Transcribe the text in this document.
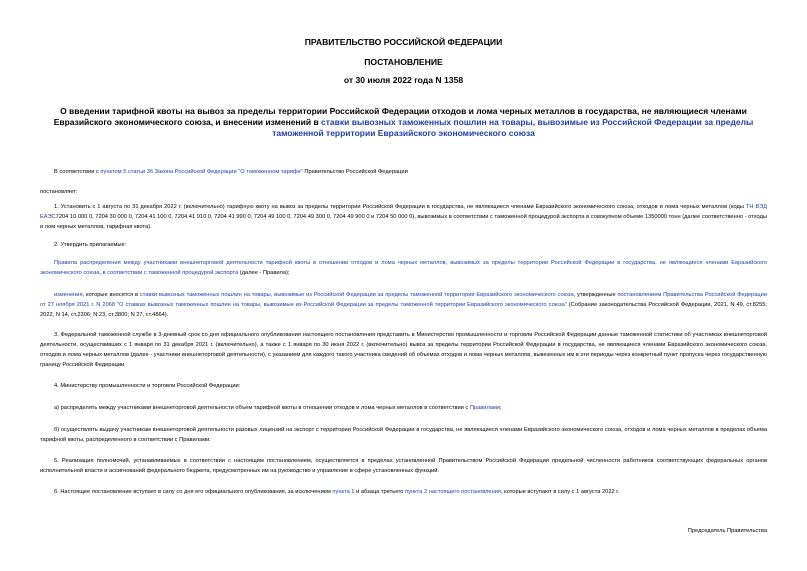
ПРАВИТЕЛЬСТВО РОССИЙСКОЙ ФЕДЕРАЦИИ
ПОСТАНОВЛЕНИЕ
от 30 июля 2022 года N 1358
О введении тарифной квоты на вывоз за пределы территории Российской Федерации отходов и лома черных металлов в государства, не являющиеся членами Евразийского экономического союза, и внесении изменений в ставки вывозных таможенных пошлин на товары, вывозимые из Российской Федерации за пределы таможенной территории Евразийского экономического союза
В соответствии с пунктом 5 статьи 36 Закона Российской Федерации "О таможенном тарифе" Правительство Российской Федерации
постановляет:
1. Установить с 1 августа по 31 декабря 2022 г. (включительно) тарифную квоту на вывоз за пределы территории Российской Федерации в государства, не являющиеся членами Евразийского экономического союза, отходов и лома черных металлов (коды ТН ВЭД ЕАЭС7204 10 000 0, 7204 30 000 0, 7204 41 100 0, 7204 41 910 0, 7204 41 990 0, 7204 49 100 0, 7204 49 300 0, 7204 49 900 0 и 7204 50 000 0), вывозимых в соответствии с таможенной процедурой экспорта в совокупном объеме 1350000 тонн (далее соответственно - отходы и лом черных металлов, тарифная квота).
2. Утвердить прилагаемые:
Правила распределения между участниками внешнеторговой деятельности тарифной квоты в отношении отходов и лома черных металлов, вывозимых за пределы территории Российской Федерации в государства, не являющиеся членами Евразийского экономического союза, в соответствии с таможенной процедурой экспорта (далее - Правила);
изменения, которые вносятся в ставки вывозных таможенных пошлин на товары, вывозимые из Российской Федерации за пределы таможенной территории Евразийского экономического союза, утвержденные постановлением Правительства Российской Федерации от 27 ноября 2021 г. N 2068 "О ставках вывозных таможенных пошлин на товары, вывозимые из Российской Федерации за пределы таможенной территории Евразийского экономического союза" (Собрание законодательства Российской Федерации, 2021, N 49, ст.8255; 2022, N 14, ст.2306; N 23, ст.3800; N 27, ст.4864).
3. Федеральной таможенной службе в 3-дневный срок со дня официального опубликования настоящего постановления представить в Министерство промышленности и торговли Российской Федерации данные таможенной статистики об участниках внешнеторговой деятельности, осуществивших с 1 января по 31 декабря 2021 г. (включительно), а также с 1 января по 30 июня 2022 г. (включительно) вывоз за пределы территории Российской Федерации в государства, не являющиеся членами Евразийского экономического союза, отходов и лома черных металлов (далее - участники внешнеторговой деятельности), с указанием для каждого такого участника сведений об объемах отходов и лома черных металлов, вывезенных им в эти периоды через конкретный пункт пропуска через государственную границу Российской Федерации.
4. Министерству промышленности и торговли Российской Федерации:
а) распределять между участниками внешнеторговой деятельности объем тарифной квоты в отношении отходов и лома черных металлов в соответствии с Правилами;
б) осуществлять выдачу участникам внешнеторговой деятельности разовых лицензий на экспорт с территории Российской Федерации в государства, не являющиеся членами Евразийского экономического союза, отходов и лома черных металлов в пределах объема тарифной квоты, распределенного в соответствии с Правилами.
5. Реализация полномочий, устанавливаемых в соответствии с настоящим постановлением, осуществляется в пределах установленной Правительством Российской Федерации предельной численности работников соответствующих федеральных органов исполнительной власти и ассигнований федерального бюджета, предусмотренных им на руководство и управление в сфере установленных функций.
6. Настоящее постановление вступает в силу со дня его официального опубликования, за исключением пункта 1 и абзаца третьего пункта 2 настоящего постановления, которые вступают в силу с 1 августа 2022 г.
Председатель Правительства
